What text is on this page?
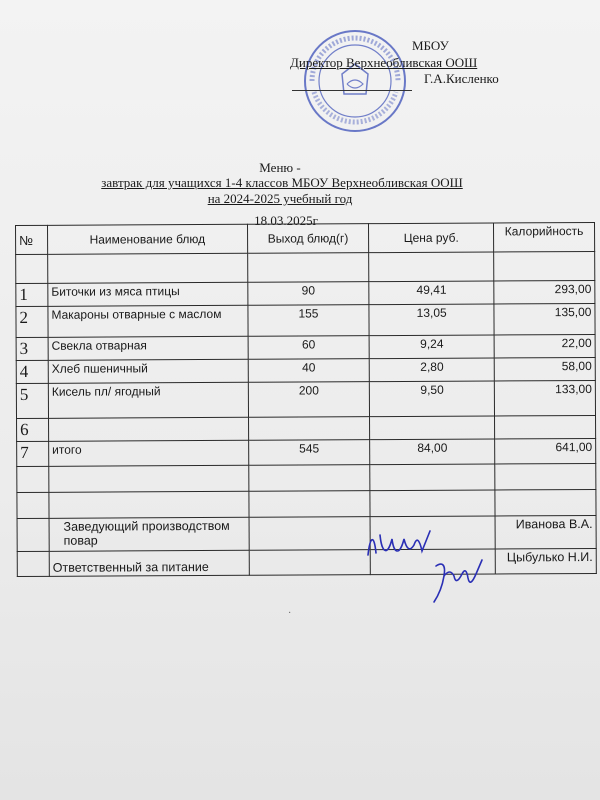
МБОУ
Директор Верхнеобливская ООШ
Г.А.Кисленко
Меню -
завтрак для учащихся 1-4 классов МБОУ Верхнеобливская ООШ
на 2024-2025 учебный год
18.03.2025г
№	Наименование блюд	Выход блюд(г)	Цена руб.	Калорийность

1	Биточки из мяса птицы	90	49,41	293,00
2	Макароны отварные с маслом	155	13,05	135,00
3	Свекла отварная	60	9,24	22,00
4	Хлеб пшеничный	40	2,80	58,00
5	Кисель пл/ ягодный	200	9,50	133,00
6				
7	итого	545	84,00	641,00

	Заведующий производством повар			Иванова В.А.
	Ответственный за питание			Цыбулько Н.И.
·
